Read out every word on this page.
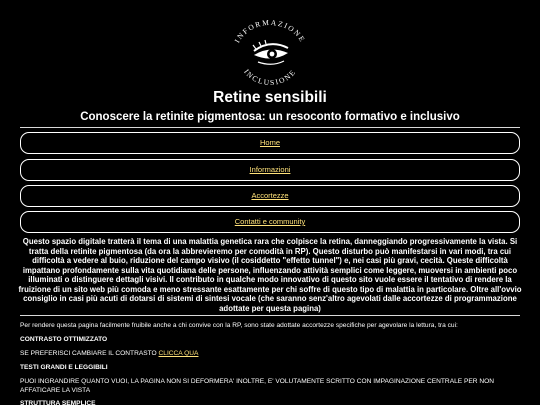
INFORMAZIONE
INCLUSIONE
Retine sensibili
Conoscere la retinite pigmentosa: un resoconto formativo e inclusivo
Home
Informazioni
Accortezze
Contatti e community

Questo spazio digitale tratterà il tema di una malattia genetica rara che colpisce la retina, danneggiando progressivamente la vista. Si tratta della retinite pigmentosa (da ora la abbrevieremo per comodità in RP). Questo disturbo può manifestarsi in vari modi, tra cui difficoltà a vedere al buio, riduzione del campo visivo (il cosiddetto "effetto tunnel") e, nei casi più gravi, cecità. Queste difficoltà impattano profondamente sulla vita quotidiana delle persone, influenzando attività semplici come leggere, muoversi in ambienti poco illuminati o distinguere dettagli visivi. Il contributo in qualche modo innovativo di questo sito vuole essere il tentativo di rendere la fruizione di un sito web più comoda e meno stressante esattamente per chi soffre di questo tipo di malattia in particolare. Oltre all'ovvio consiglio in casi più acuti di dotarsi di sistemi di sintesi vocale (che saranno senz'altro agevolati dalle accortezze di programmazione adottate per questa pagina)

Per rendere questa pagina facilmente fruibile anche a chi convive con la RP, sono state adottate accortezze specifiche per agevolare la lettura, tra cui:

CONTRASTO OTTIMIZZATO

SE PREFERISCI CAMBIARE IL CONTRASTO CLICCA QUA

TESTI GRANDI E LEGGIBILI

PUOI INGRANDIRE QUANTO VUOI, LA PAGINA NON SI DEFORMERA' INOLTRE, E' VOLUTAMENTE SCRITTO CON IMPAGINAZIONE CENTRALE PER NON AFFATICARE LA VISTA

STRUTTURA SEMPLICE
